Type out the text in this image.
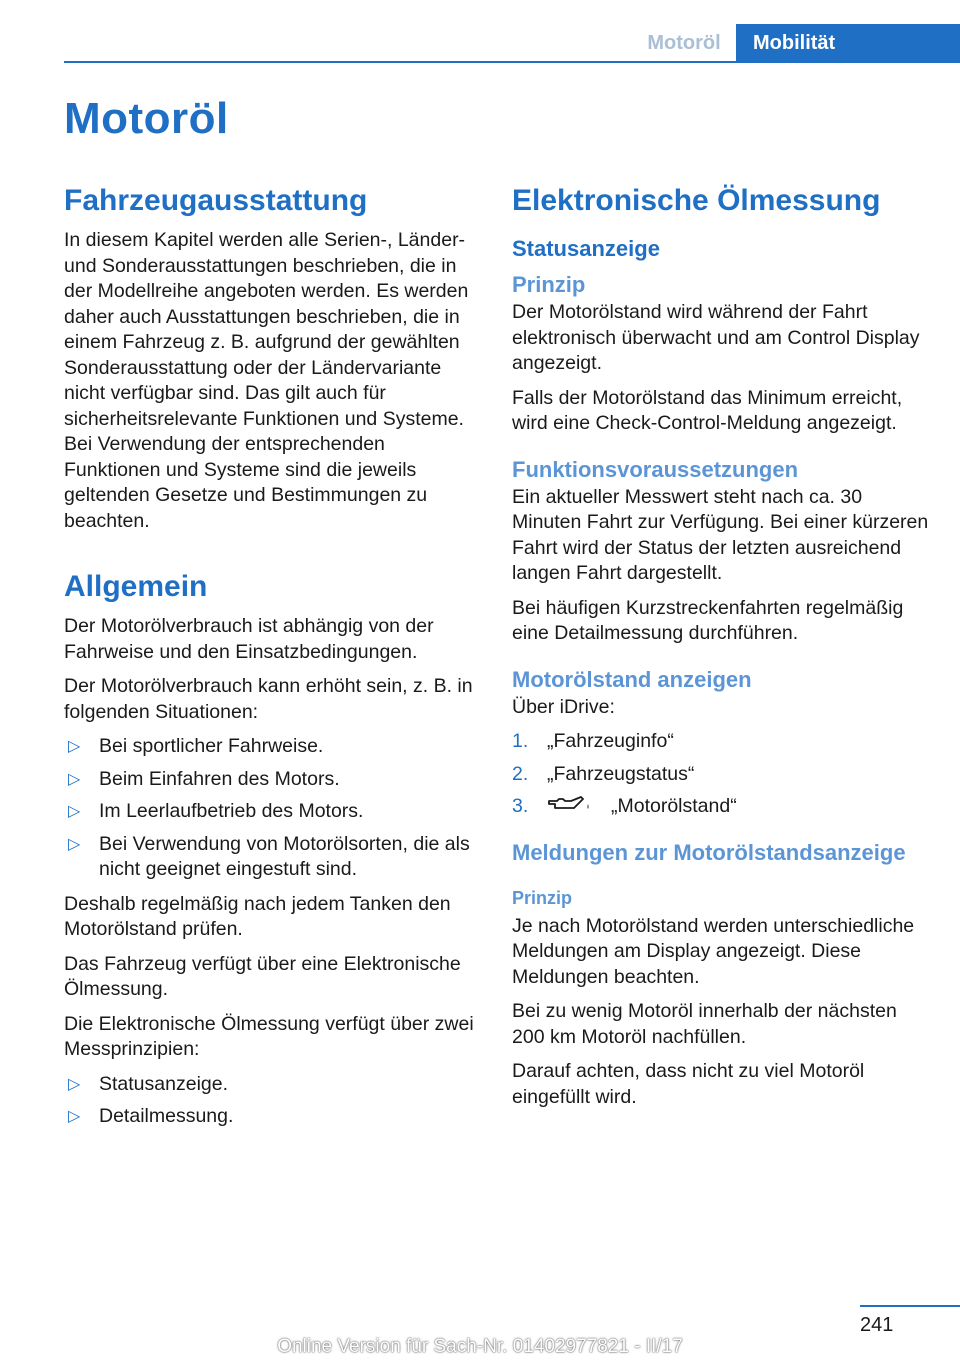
Motoröl	Mobilität
Motoröl
Fahrzeugausstattung

In diesem Kapitel werden alle Serien-, Länder- und Sonderausstattungen beschrieben, die in der Modellreihe angeboten werden. Es werden daher auch Ausstattungen beschrieben, die in einem Fahrzeug z. B. aufgrund der gewählten Sonderausstattung oder der Ländervariante nicht verfügbar sind. Das gilt auch für sicherheitsrelevante Funktionen und Systeme. Bei Verwendung der entsprechenden Funktionen und Systeme sind die jeweils geltenden Gesetze und Bestimmungen zu beachten.

Allgemein

Der Motorölverbrauch ist abhängig von der Fahrweise und den Einsatzbedingungen.

Der Motorölverbrauch kann erhöht sein, z. B. in folgenden Situationen:

▷ Bei sportlicher Fahrweise.
▷ Beim Einfahren des Motors.
▷ Im Leerlaufbetrieb des Motors.
▷ Bei Verwendung von Motorölsorten, die als nicht geeignet eingestuft sind.

Deshalb regelmäßig nach jedem Tanken den Motorölstand prüfen.

Das Fahrzeug verfügt über eine Elektronische Ölmessung.

Die Elektronische Ölmessung verfügt über zwei Messprinzipien:

▷ Statusanzeige.
▷ Detailmessung.
Elektronische Ölmessung
Statusanzeige
Prinzip

Der Motorölstand wird während der Fahrt elektronisch überwacht und am Control Display angezeigt.

Falls der Motorölstand das Minimum erreicht, wird eine Check-Control-Meldung angezeigt.

Funktionsvoraussetzungen

Ein aktueller Messwert steht nach ca. 30 Minuten Fahrt zur Verfügung. Bei einer kürzeren Fahrt wird der Status der letzten ausreichend langen Fahrt dargestellt.

Bei häufigen Kurzstreckenfahrten regelmäßig eine Detailmessung durchführen.

Motorölstand anzeigen

Über iDrive:

1. „Fahrzeuginfo“
2. „Fahrzeugstatus“
3.	„Motorölstand“
Meldungen zur Motorölstandsanzeige
Prinzip

Je nach Motorölstand werden unterschiedliche Meldungen am Display angezeigt. Diese Meldungen beachten.

Bei zu wenig Motoröl innerhalb der nächsten 200 km Motoröl nachfüllen.

Darauf achten, dass nicht zu viel Motoröl eingefüllt wird.

241
Online Version für Sach-Nr. 01402977821 - II/17
